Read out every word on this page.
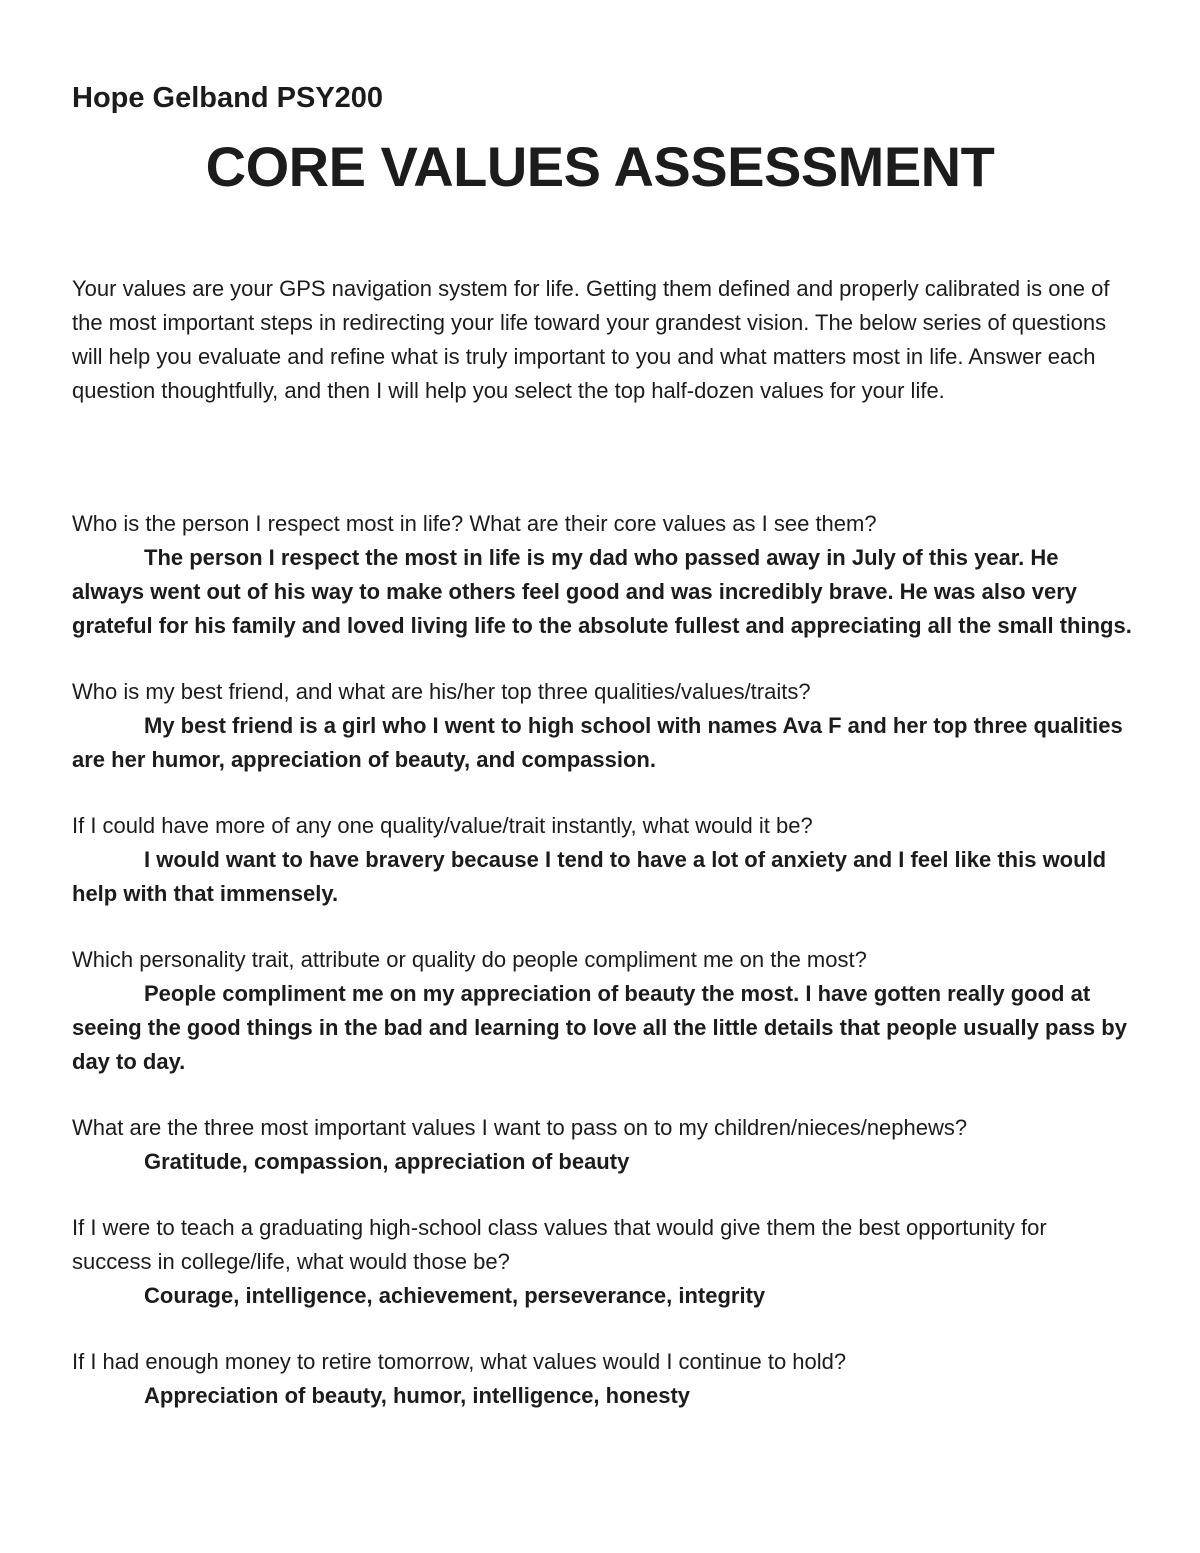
Hope Gelband PSY200
CORE VALUES ASSESSMENT
Your values are your GPS navigation system for life. Getting them defined and properly calibrated is one of the most important steps in redirecting your life toward your grandest vision. The below series of questions will help you evaluate and refine what is truly important to you and what matters most in life. Answer each question thoughtfully, and then I will help you select the top half-dozen values for your life.
Who is the person I respect most in life? What are their core values as I see them?
The person I respect the most in life is my dad who passed away in July of this year. He always went out of his way to make others feel good and was incredibly brave. He was also very grateful for his family and loved living life to the absolute fullest and appreciating all the small things.
Who is my best friend, and what are his/her top three qualities/values/traits?
My best friend is a girl who I went to high school with names Ava F and her top three qualities are her humor, appreciation of beauty, and compassion.
If I could have more of any one quality/value/trait instantly, what would it be?
I would want to have bravery because I tend to have a lot of anxiety and I feel like this would help with that immensely.
Which personality trait, attribute or quality do people compliment me on the most?
People compliment me on my appreciation of beauty the most. I have gotten really good at seeing the good things in the bad and learning to love all the little details that people usually pass by day to day.
What are the three most important values I want to pass on to my children/nieces/nephews?
Gratitude, compassion, appreciation of beauty
If I were to teach a graduating high-school class values that would give them the best opportunity for success in college/life, what would those be?
Courage, intelligence, achievement, perseverance, integrity
If I had enough money to retire tomorrow, what values would I continue to hold?
Appreciation of beauty, humor, intelligence, honesty
